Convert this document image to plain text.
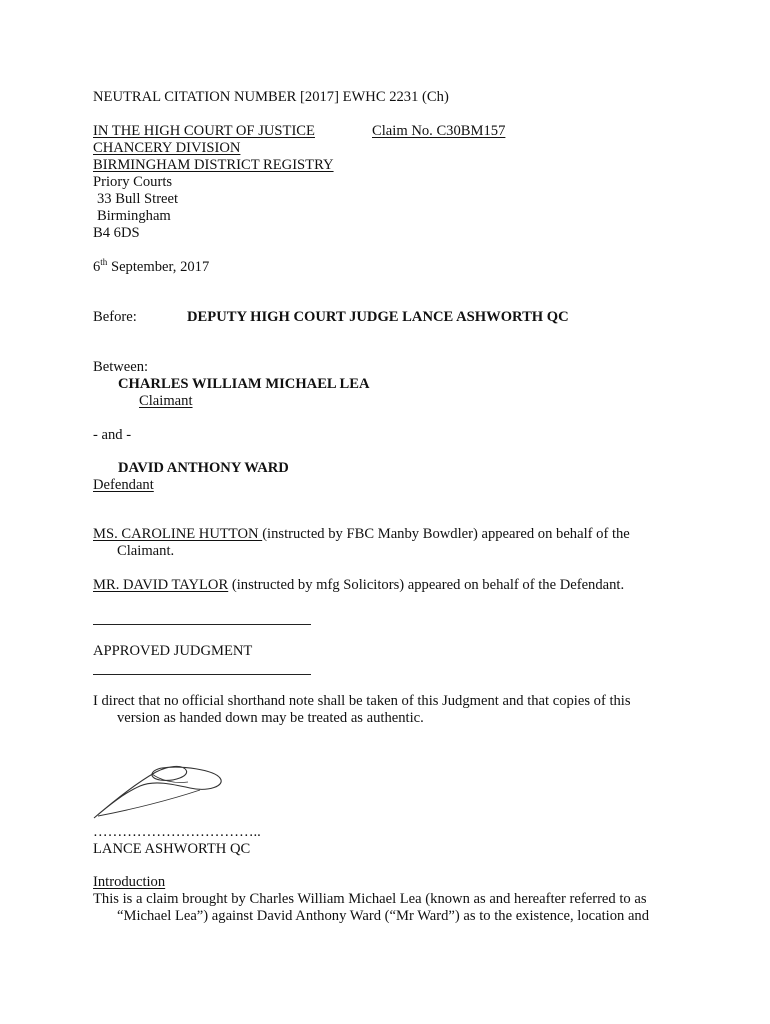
NEUTRAL CITATION NUMBER [2017] EWHC 2231 (Ch)
IN THE HIGH COURT OF JUSTICE	Claim No. C30BM157
CHANCERY DIVISION
BIRMINGHAM DISTRICT REGISTRY
Priory Courts
33 Bull Street
Birmingham
B4 6DS
6th September, 2017
Before:	DEPUTY HIGH COURT JUDGE LANCE ASHWORTH QC
Between:
CHARLES WILLIAM MICHAEL LEA
Claimant
- and -
DAVID ANTHONY WARD
Defendant
MS. CAROLINE HUTTON (instructed by FBC Manby Bowdler) appeared on behalf of the
Claimant.
MR. DAVID TAYLOR (instructed by mfg Solicitors) appeared on behalf of the Defendant.
APPROVED JUDGMENT
I direct that no official shorthand note shall be taken of this Judgment and that copies of this
version as handed down may be treated as authentic.
……………………………..
LANCE ASHWORTH QC
Introduction
This is a claim brought by Charles William Michael Lea (known as and hereafter referred to as
“Michael Lea”) against David Anthony Ward (“Mr Ward”) as to the existence, location and
